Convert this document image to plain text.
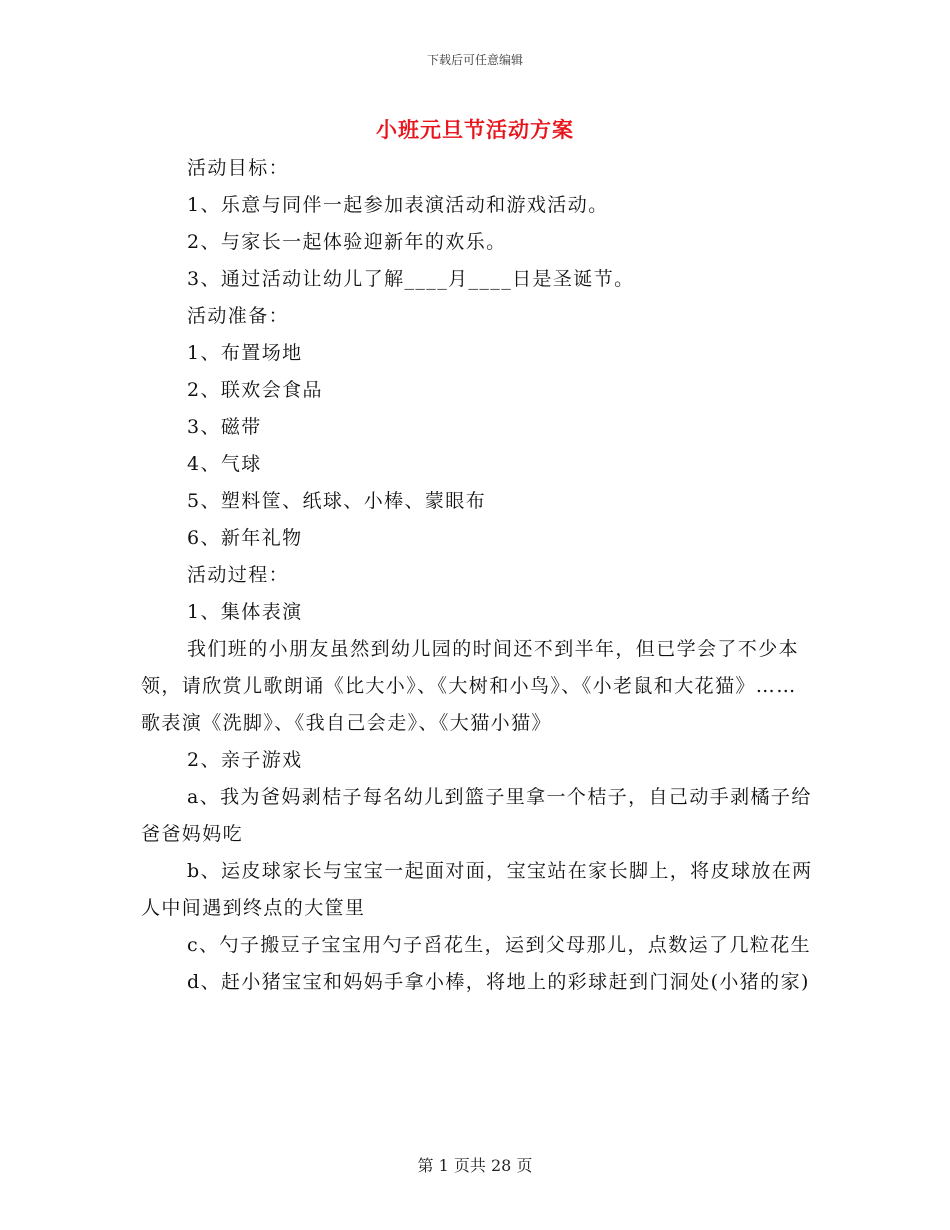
下载后可任意编辑
小班元旦节活动方案

活动目标：

1、乐意与同伴一起参加表演活动和游戏活动。

2、与家长一起体验迎新年的欢乐。

3、通过活动让幼儿了解____月____日是圣诞节。

活动准备：

1、布置场地

2、联欢会食品

3、磁带

4、气球

5、塑料筐、纸球、小棒、蒙眼布

6、新年礼物

活动过程：

1、集体表演

我们班的小朋友虽然到幼儿园的时间还不到半年，但已学会了不少本领，请欣赏儿歌朗诵《比大小》、《大树和小鸟》、《小老鼠和大花猫》……歌表演《洗脚》、《我自己会走》、《大猫小猫》

2、亲子游戏

a、我为爸妈剥桔子每名幼儿到篮子里拿一个桔子，自己动手剥橘子给爸爸妈妈吃

b、运皮球家长与宝宝一起面对面，宝宝站在家长脚上，将皮球放在两人中间遇到终点的大筐里

c、勺子搬豆子宝宝用勺子舀花生，运到父母那儿，点数运了几粒花生

d、赶小猪宝宝和妈妈手拿小棒，将地上的彩球赶到门洞处(小猪的家)

第 1 页共 28 页
